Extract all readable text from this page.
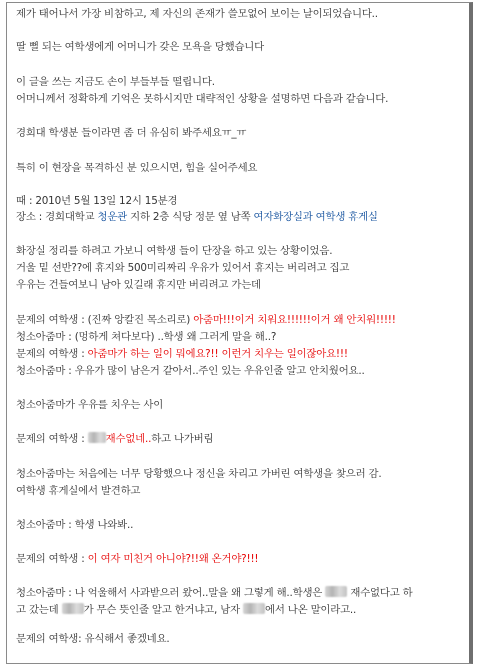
제가 태어나서 가장 비참하고, 제 자신의 존재가 쓸모없어 보이는 날이되었습니다..
딸 뻘 되는 여학생에게 어머니가 갖은 모욕을 당했습니다
이 글을 쓰는 지금도 손이 부들부들 떨립니다.
어머니께서 정확하게 기억은 못하시지만 대략적인 상황을 설명하면 다음과 같습니다.
경희대 학생분 들이라면 좀 더 유심히 봐주세요ㅠ_ㅠ
특히 이 현장을 목격하신 분 있으시면, 힘을 실어주세요
때 : 2010년 5월 13일 12시 15분경
장소 : 경희대학교 청운관 지하 2층 식당 정문 옆 남쪽 여자화장실과 여학생 휴게실
화장실 정리를 하려고 가보니 여학생 들이 단장을 하고 있는 상황이었음.
거울 밑 선반??에 휴지와 500미리짜리 우유가 있어서 휴지는 버리려고 집고
우유는 건들여보니 남아 있길래 휴지만 버리려고 가는데
문제의 여학생 : (진짜 앙칼진 목소리로) 아줌마!!!이거 치워요!!!!!!이거 왜 안치워!!!!!
청소아줌마 : (멍하게 쳐다보다) ..학생 왜 그러게 말을 해..?
문제의 여학생 : 아줌마가 하는 일이 뭐에요?!! 이런거 치우는 일이잖아요!!!
청소아줌마 : 우유가 많이 남은거 같아서..주인 있는 우유인줄 알고 안치웠어요..
청소아줌마가 우유를 치우는 사이
문제의 여학생 : 재수없네..하고 나가버림
청소아줌마는 처음에는 너무 당황했으나 정신을 차리고 가버린 여학생을 찾으러 감.
여학생 휴게실에서 발견하고
청소아줌마 : 학생 나와봐..
문제의 여학생 : 이 여자 미친거 아니야?!!왜 온거야?!!!
청소아줌마 : 나 억울해서 사과받으러 왔어..말을 왜 그렇게 해..학생은  재수없다고 하
고 갔는데 가 무슨 뜻인줄 알고 한거냐고, 남자 에서 나온 말이라고..
문제의 여학생: 유식해서 좋겠네요.
